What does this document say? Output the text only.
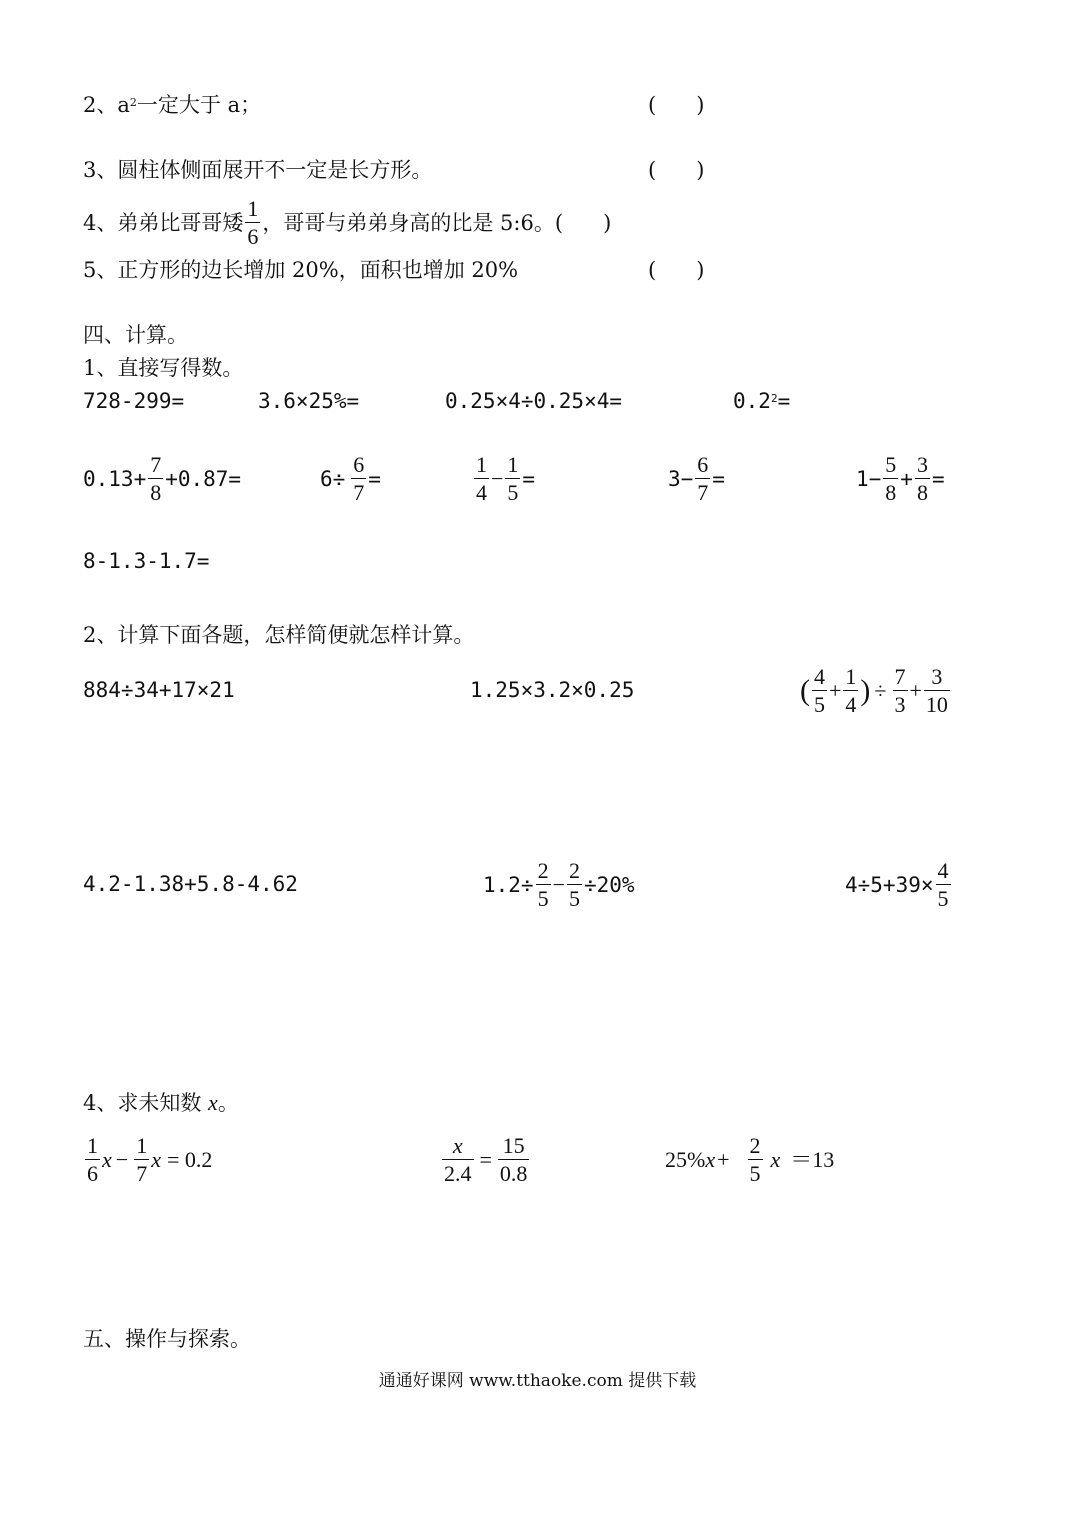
2、$a^2$一定大于 a；	(      )
3、圆柱体侧面展开不一定是长方形。	(      )
4、弟弟比哥哥矮 $\frac{1}{6}$ ，哥哥与弟弟身高的比是 5:6。 (      )
5、正方形的边长增加 20%，面积也增加 20%	(      )
四、计算。
1、直接写得数。
728-299=	3.6×25%=	0.25×4÷0.25×4=	$0.2^2=$
$0.13+ \frac{7}{8} +0.87=$	$6\div \frac{6}{7}$ =	$\frac{1}{4} - \frac{1}{5}$ =	$3- \frac{6}{7}$ =	$1- \frac{5}{8} + \frac{3}{8}$ =
8-1.3-1.7=
2、计算下面各题，怎样简便就怎样计算。
884÷34+17×21	1.25×3.2×0.25	( $\frac{4}{5} + \frac{1}{4}$ ) ÷ $\frac{7}{3} + \frac{3}{10}$
4.2-1.38+5.8-4.62	$1.2\div \frac{2}{5} - \frac{2}{5} \div 20\%$	$4\div 5+39\times \frac{4}{5}$
4、求未知数 x。
$\frac{1}{6}$ $x - \frac{1}{7}$ x = 0.2	$\frac{x}{2.4} = \frac{15}{0.8}$	25% $x + \frac{2}{5}$ x ＝13
五、操作与探索。
通通好课网 www.tthaoke.com 提供下载
